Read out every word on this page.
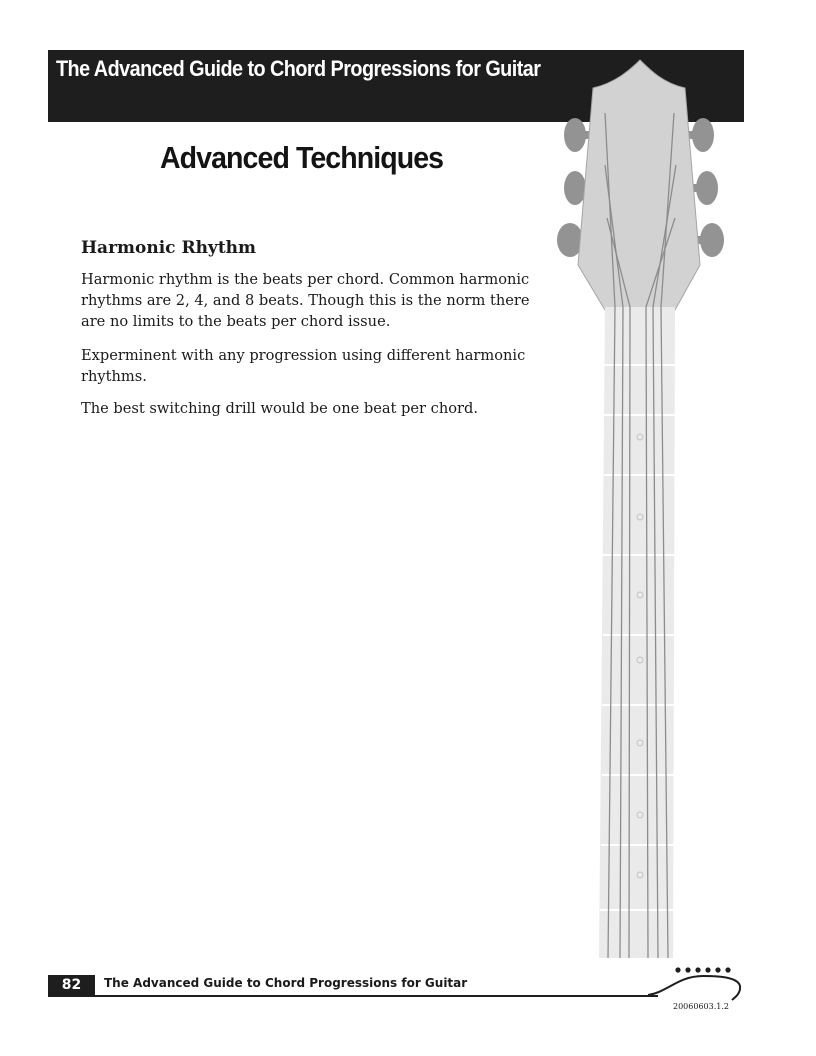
The Advanced Guide to Chord Progressions for Guitar
Advanced Techniques
Harmonic Rhythm

Harmonic rhythm is the beats per chord. Common harmonic rhythms are 2, 4, and 8 beats. Though this is the norm there are no limits to the beats per chord issue.

Experminent with any progression using different harmonic rhythms.

The best switching drill would be one beat per chord.

82	The Advanced Guide to Chord Progressions for Guitar

20060603.1.2
